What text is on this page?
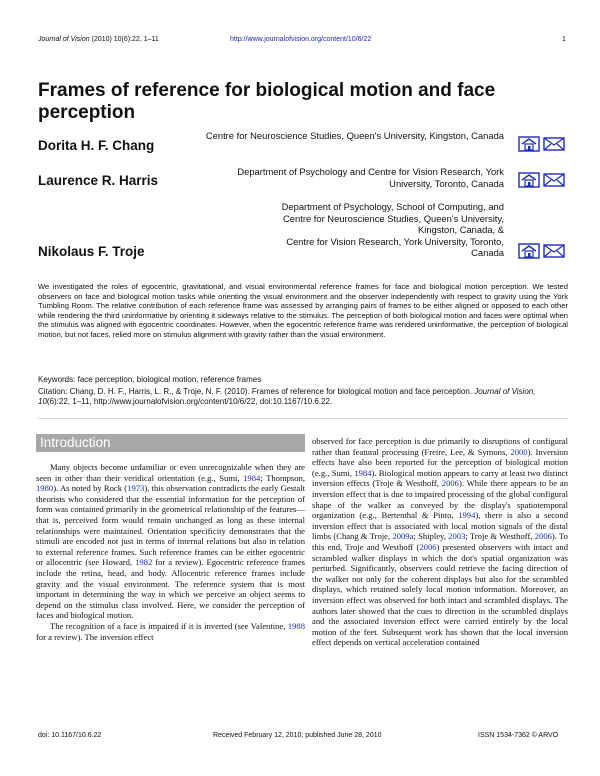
Journal of Vision (2010) 10(6):22, 1–11	http://www.journalofvision.org/content/10/6/22	1
Frames of reference for biological motion and face perception
Dorita H. F. Chang
Centre for Neuroscience Studies, Queen's University, Kingston, Canada
Laurence R. Harris
Department of Psychology and Centre for Vision Research, York University, Toronto, Canada
Nikolaus F. Troje
Department of Psychology, School of Computing, and
Centre for Neuroscience Studies, Queen's University,
Kingston, Canada, &
Centre for Vision Research, York University, Toronto,
Canada
We investigated the roles of egocentric, gravitational, and visual environmental reference frames for face and biological motion perception. We tested observers on face and biological motion tasks while orienting the visual environment and the observer independently with respect to gravity using the York Tumbling Room. The relative contribution of each reference frame was assessed by arranging pairs of frames to be either aligned or opposed to each other while rendering the third uninformative by orienting it sideways relative to the stimulus. The perception of both biological motion and faces were optimal when the stimulus was aligned with egocentric coordinates. However, when the egocentric reference frame was rendered uninformative, the perception of biological motion, but not faces, relied more on stimulus alignment with gravity rather than the visual environment.
Keywords: face perception, biological motion, reference frames
Citation: Chang, D. H. F., Harris, L. R., & Troje, N. F. (2010). Frames of reference for biological motion and face perception. Journal of Vision, 10(6):22, 1–11, http://www.journalofvision.org/content/10/6/22, doi:10.1167/10.6.22.
Introduction

Many objects become unfamiliar or even unrecognizable when they are seen in other than their veridical orientation (e.g., Sumi, 1984; Thompson, 1980). As noted by Rock (1973), this observation contradicts the early Gestalt theorists who considered that the essential information for the perception of form was contained primarily in the geometrical relationship of the features—that is, perceived form would remain unchanged as long as these internal relationships were maintained. Orientation specificity demonstrates that the stimuli are encoded not just in terms of internal relations but also in relation to external reference frames. Such reference frames can be either egocentric or allocentric (see Howard, 1982 for a review). Egocentric reference frames include the retina, head, and body. Allocentric reference frames include gravity and the visual environment. The reference system that is most important in determining the way in which we perceive an object seems to depend on the stimulus class involved. Here, we consider the perception of faces and biological motion.

The recognition of a face is impaired if it is inverted (see Valentine, 1988 for a review). The inversion effect

observed for face perception is due primarily to disruptions of configural rather than featural processing (Freire, Lee, & Symons, 2000). Inversion effects have also been reported for the perception of biological motion (e.g., Sumi, 1984). Biological motion appears to carry at least two distinct inversion effects (Troje & Westhoff, 2006). While there appears to be an inversion effect that is due to impaired processing of the global configural shape of the walker as conveyed by the display's spatiotemporal organization (e.g., Bertenthal & Pinto, 1994), there is also a second inversion effect that is associated with local motion signals of the distal limbs (Chang & Troje, 2009a; Shipley, 2003; Troje & Westhoff, 2006). To this end, Troje and Westhoff (2006) presented observers with intact and scrambled walker displays in which the dot's spatial organization was perturbed. Significantly, observers could retrieve the facing direction of the walker not only for the coherent displays but also for the scrambled displays, which retained solely local motion information. Moreover, an inversion effect was observed for both intact and scrambled displays. The authors later showed that the cues to direction in the scrambled displays and the associated inversion effect were carried entirely by the local motion of the feet. Subsequent work has shown that the local inversion effect depends on vertical acceleration contained

doi: 10.1167/10.6.22	Received February 12, 2010; published June 28, 2010	ISSN 1534-7362 © ARVO
